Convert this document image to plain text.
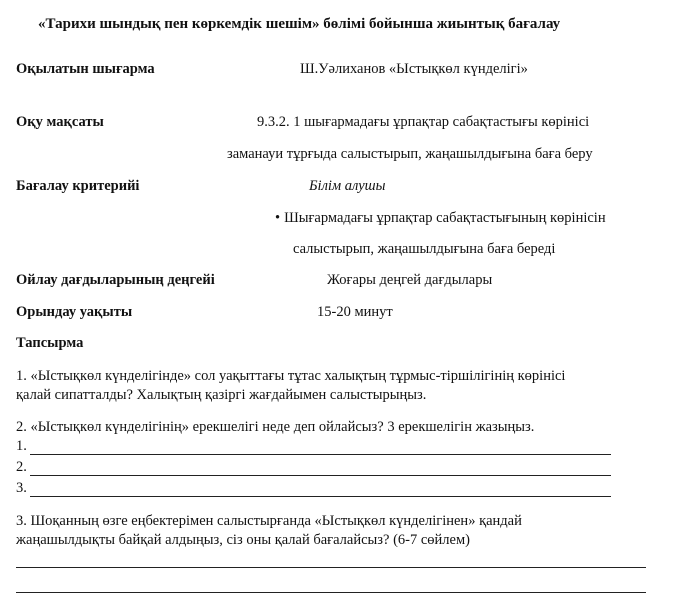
«Тарихи шындық пен көркемдік шешім» бөлімі бойынша жиынтық бағалау
Оқылатын шығарма	Ш.Уәлиханов «Ыстықкөл күнделігі»
Оқу мақсаты	9.3.2. 1 шығармадағы ұрпақтар сабақтастығы көрінісі
заманауи тұрғыда салыстырып, жаңашылдығына баға беру
Бағалау критерийі	Білім алушы
• Шығармадағы ұрпақтар сабақтастығының көрінісін
салыстырып, жаңашылдығына баға береді
Ойлау дағдыларының деңгейі	Жоғары деңгей дағдылары
Орындау уақыты	15-20 минут
Тапсырма
1. «Ыстықкөл күнделігінде» сол уақыттағы тұтас халықтың тұрмыс-тіршілігінің көрінісі
қалай сипатталды? Халықтың қазіргі жағдайымен салыстырыңыз.
2. «Ыстықкөл күнделігінің» ерекшелігі неде деп ойлайсыз? 3 ерекшелігін жазыңыз.
1.
2.
3.
3. Шоқанның өзге еңбектерімен салыстырғанда «Ыстықкөл күнделігінен» қандай
жаңашылдықты байқай алдыңыз, сіз оны қалай бағалайсыз? (6-7 сөйлем)
